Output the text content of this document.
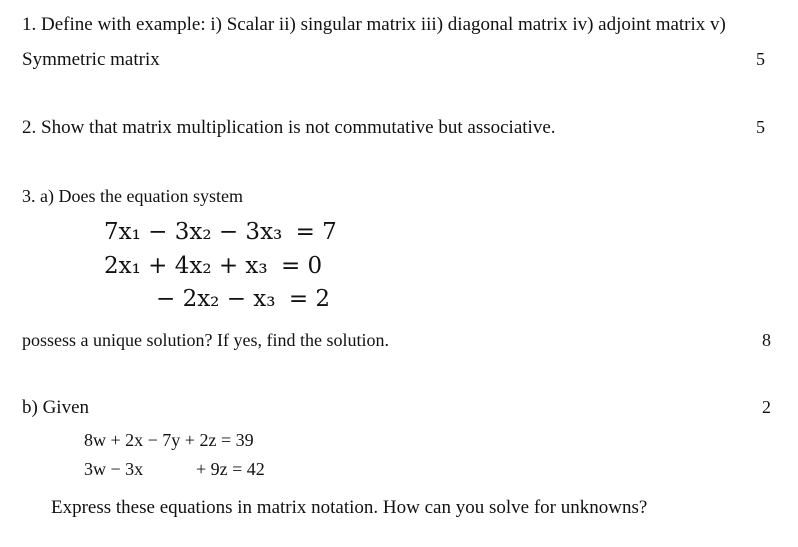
1. Define with example: i) Scalar ii) singular matrix iii) diagonal matrix iv) adjoint matrix v)
Symmetric matrix	5
2. Show that matrix multiplication is not commutative but associative.	5
3. a) Does the equation system
7x₁ − 3x₂ − 3x₃ = 7
2x₁ + 4x₂ + x₃ = 0
− 2x₂ − x₃ = 2
possess a unique solution? If yes, find the solution.	8
b) Given	2
8w + 2x − 7y + 2z = 39
3w − 3x	+ 9z = 42
Express these equations in matrix notation. How can you solve for unknowns?
